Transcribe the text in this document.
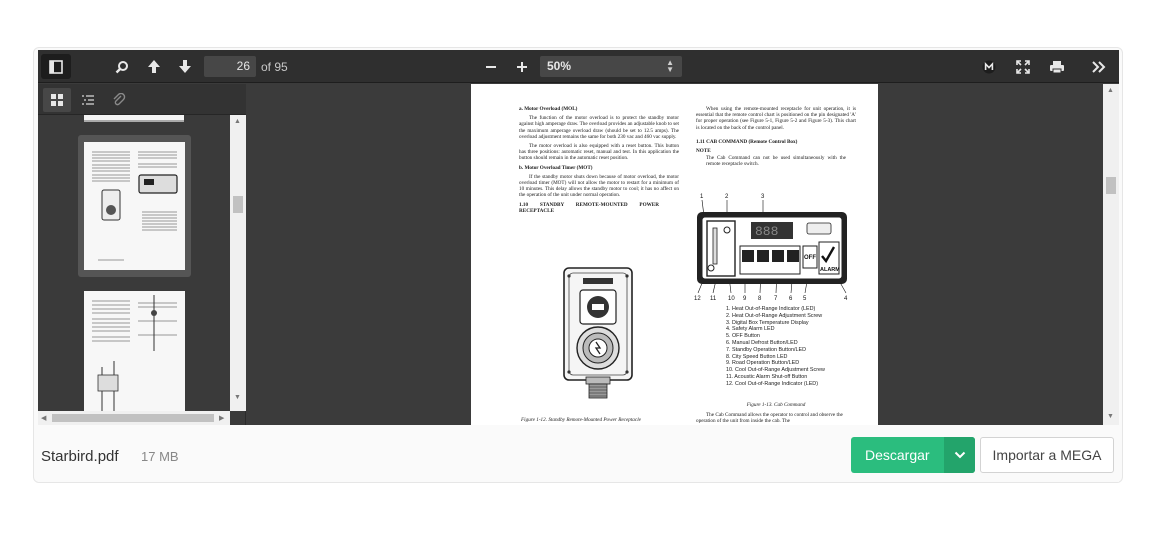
26 of 95	50%	▲
▼
▲
▼
◀	▶

a. Motor Overload (MOL)

The function of the motor overload is to protect the standby motor against high amperage draw. The overload provides an adjustable knob to set the maximum amperage overload draw (should be set to 12.5 amps). The overload adjustment remains the same for both 230 vac and 460 vac supply.

The motor overload is also equipped with a reset button. This button has three positions: automatic reset, manual and test. In this application the button should remain in the automatic reset position.

b. Motor Overload Timer (MOT)

If the standby motor shuts down because of motor overload, the motor overload timer (MOT) will not allow the motor to restart for a minimum of 10 minutes. This delay allows the standby motor to cool; it has no affect on the operation of the unit under normal operation.

1.10 STANDBY REMOTE-MOUNTED POWER RECEPTACLE

Figure 1-12. Standby Remote-Mounted Power Receptacle

When using the remote-mounted receptacle for unit operation, it is essential that the remote control chart is positioned on the pin designated 'A' for proper operation (see Figure 5-1, Figure 5-2 and Figure 5-3). This chart is located on the back of the control panel.

1.11 CAB COMMAND (Remote Control Box)

NOTE

The Cab Command can not be used simultaneously with the remote receptacle switch.

1	2	3
12 11 10 9 8 7 6 5	4
888
OFF
ALARM
1. Heat Out-of-Range Indicator (LED)
2. Heat Out-of-Range Adjustment Screw
3. Digital Box Temperature Display
4. Safety Alarm LED
5. OFF Button
6. Manual Defrost Button/LED
7. Standby Operation Button/LED
8. City Speed Button LED
9. Road Operation Button/LED
10. Cool Out-of-Range Adjustment Screw
11. Acoustic Alarm Shut-off Button
12. Cool Out-of-Range Indicator (LED)
Figure 1-13. Cab Command
The Cab Command allows the operator to control and observe the operation of the unit from inside the cab. The
▲
▼
Starbird.pdf 17 MB	Descargar	Importar a MEGA
